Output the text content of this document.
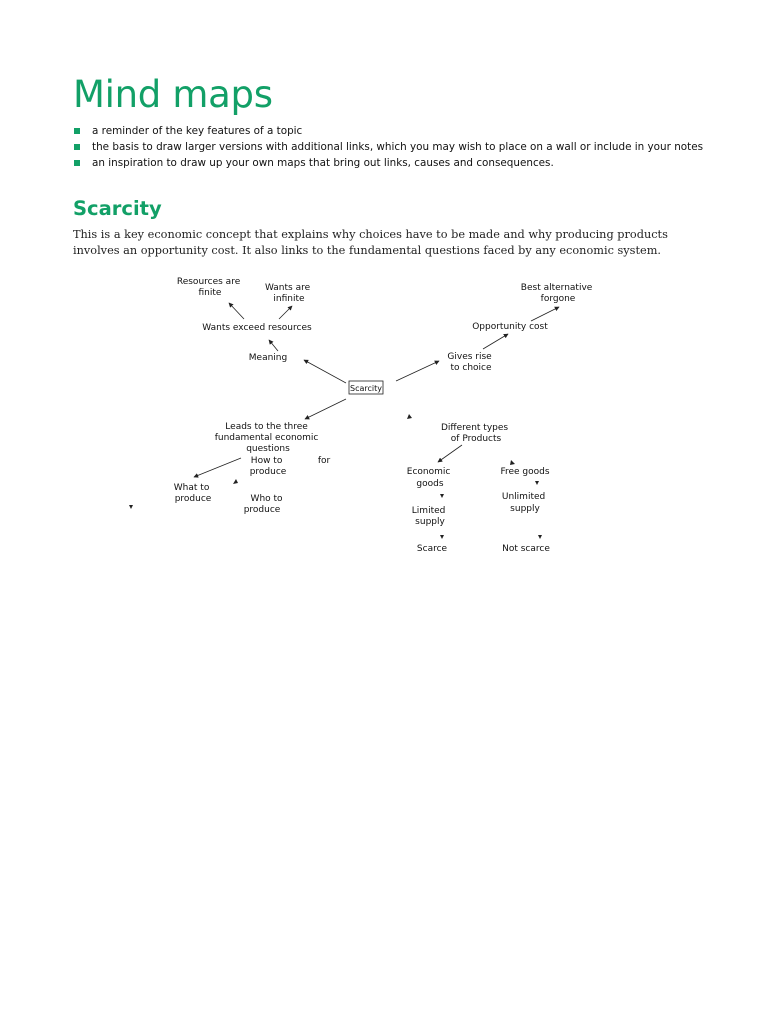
Mind maps
a reminder of the key features of a topic
the basis to draw larger versions with additional links, which you may wish to place on a wall or include in your notes
an inspiration to draw up your own maps that bring out links, causes and consequences.
Scarcity

This is a key economic concept that explains why choices have to be made and why producing products involves an opportunity cost. It also links to the fundamental questions faced by any economic system.

Scarcity
Resources are finite	Wants are infinite
Wants exceed resources
Meaning
Best alternative forgone
Opportunity cost
Gives rise to choice
Leads to the three fundamental economic questions
How to produce
for
What to produce	Who to produce
Different types of Products
Economic goods
Free goods
Limited supply
Unlimited supply
Scarce	Not scarce
